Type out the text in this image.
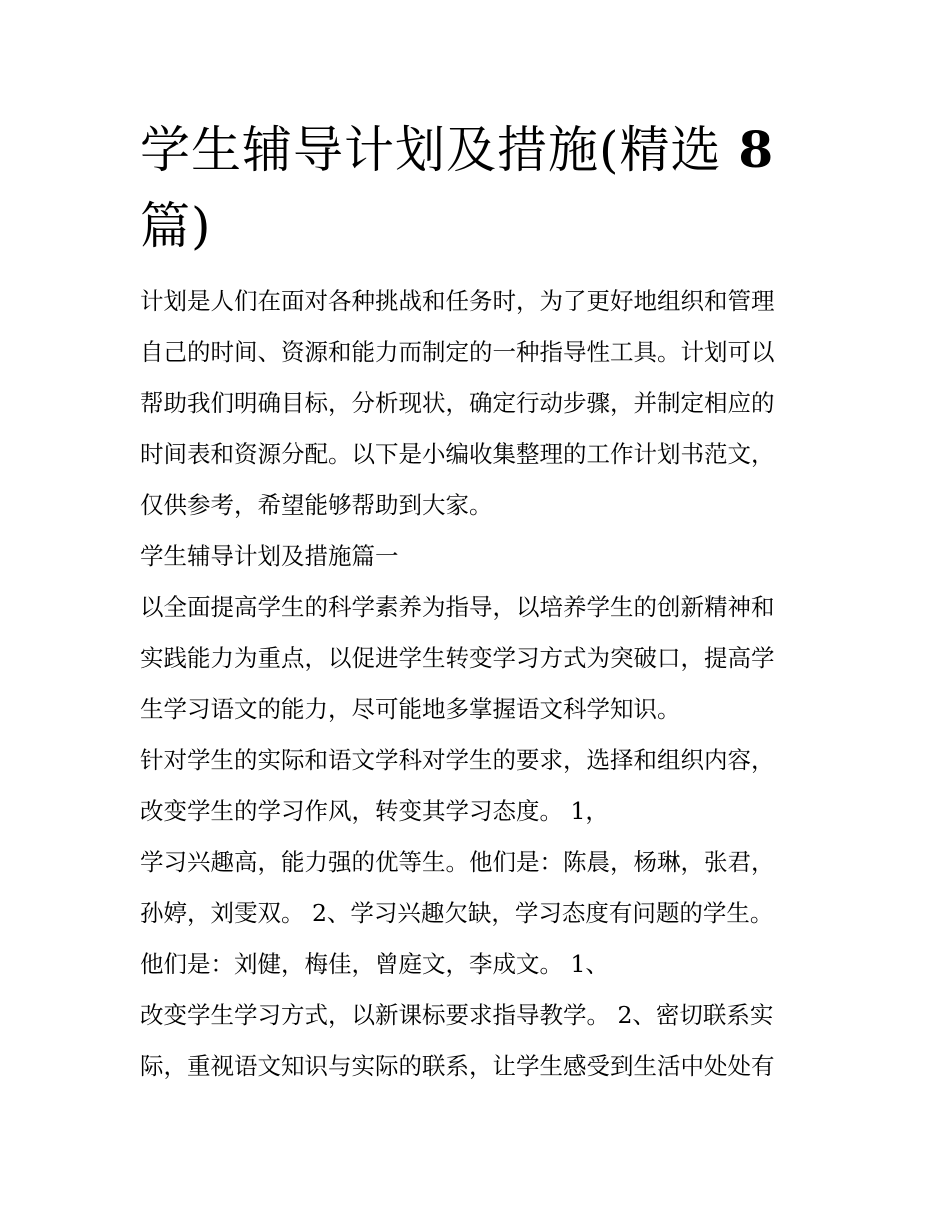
学生辅导计划及措施(精选 8
篇)

计划是人们在面对各种挑战和任务时，为了更好地组织和管理

自己的时间、资源和能力而制定的一种指导性工具。计划可以

帮助我们明确目标，分析现状，确定行动步骤，并制定相应的

时间表和资源分配。以下是小编收集整理的工作计划书范文，

仅供参考，希望能够帮助到大家。

学生辅导计划及措施篇一

以全面提高学生的科学素养为指导，以培养学生的创新精神和

实践能力为重点，以促进学生转变学习方式为突破口，提高学

生学习语文的能力，尽可能地多掌握语文科学知识。

针对学生的实际和语文学科对学生的要求，选择和组织内容，

改变学生的学习作风，转变其学习态度。 1，

学习兴趣高，能力强的优等生。他们是：陈晨，杨琳，张君，

孙婷，刘雯双。 2、学习兴趣欠缺，学习态度有问题的学生。

他们是：刘健，梅佳，曾庭文，李成文。 1、

改变学生学习方式，以新课标要求指导教学。 2、密切联系实

际，重视语文知识与实际的联系，让学生感受到生活中处处有
